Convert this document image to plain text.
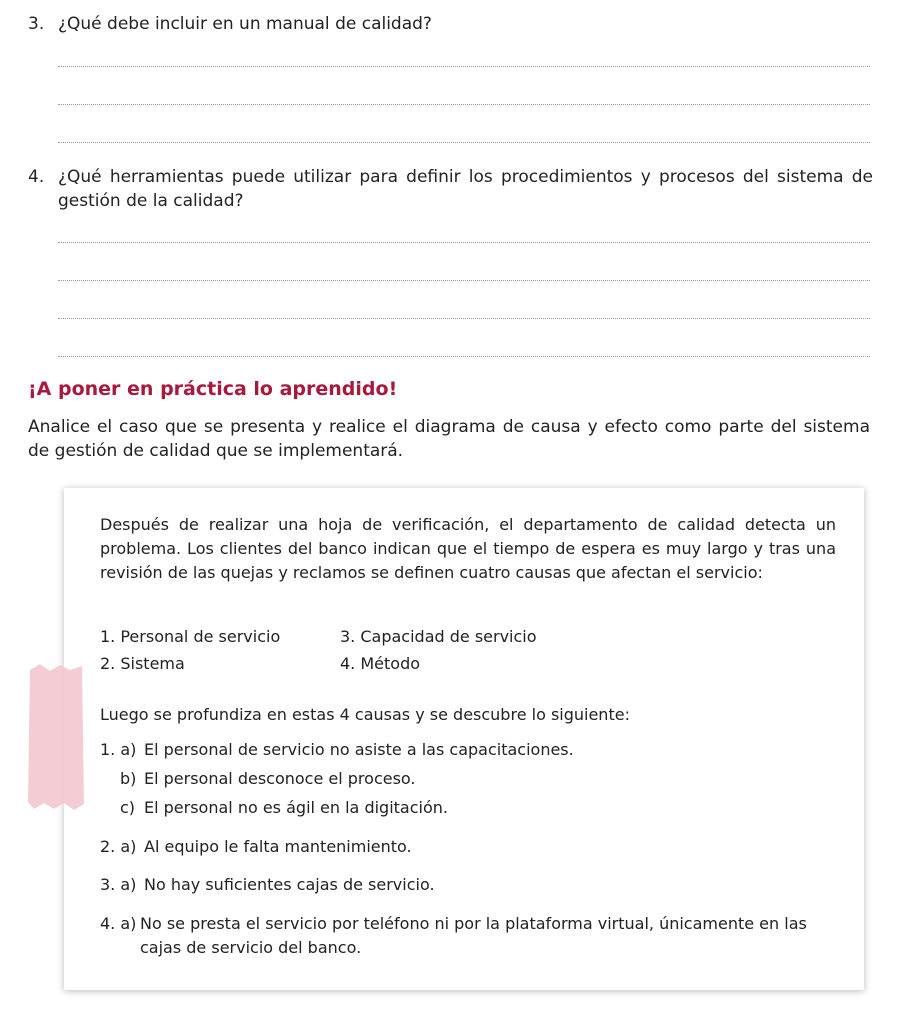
3. ¿Qué debe incluir en un manual de calidad?
4. ¿Qué herramientas puede utilizar para definir los procedimientos y procesos del sistema de gestión de la calidad?
¡A poner en práctica lo aprendido!
Analice el caso que se presenta y realice el diagrama de causa y efecto como parte del sistema de gestión de calidad que se implementará.
Después de realizar una hoja de verificación, el departamento de calidad detecta un problema. Los clientes del banco indican que el tiempo de espera es muy largo y tras una revisión de las quejas y reclamos se definen cuatro causas que afectan el servicio:
1. Personal de servicio
2. Sistema
3. Capacidad de servicio
4. Método
Luego se profundiza en estas 4 causas y se descubre lo siguiente:
1. a) El personal de servicio no asiste a las capacitaciones.
b) El personal desconoce el proceso.
c) El personal no es ágil en la digitación.
2. a) Al equipo le falta mantenimiento.
3. a) No hay suficientes cajas de servicio.
4. a) No se presta el servicio por teléfono ni por la plataforma virtual, únicamente en las cajas de servicio del banco.
